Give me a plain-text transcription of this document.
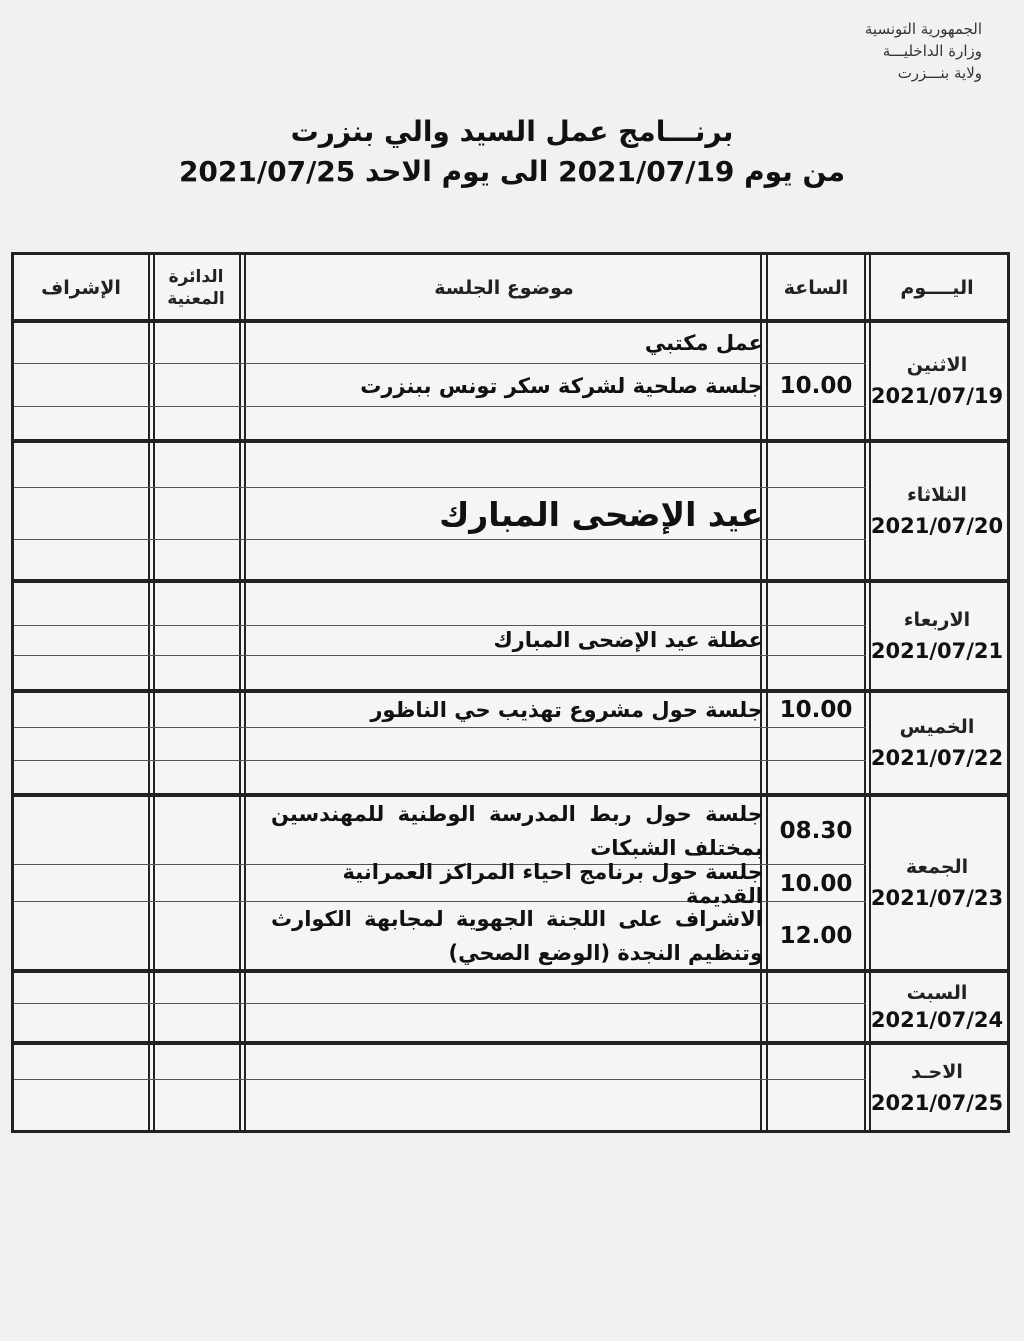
الجمهورية التونسية
وزارة الداخليـــة
ولاية بنـــزرت
برنـــامج عمل السيد والي بنزرت
من يوم 2021/07/19 الى يوم الاحد 2021/07/25
اليــــوم
الساعة
موضوع الجلسة
الدائرة المعنية
الإشراف
الاثنين
2021/07/19
عمل مكتبي
10.00
جلسة صلحية لشركة سكر تونس ببنزرت
الثلاثاء
2021/07/20
عيد الإضحى المبارك
الاربعاء
2021/07/21
عطلة عيد الإضحى المبارك
الخميس
2021/07/22
10.00
جلسة حول مشروع تهذيب حي الناظور
الجمعة
2021/07/23
08.30
جلسة حول ربط المدرسة الوطنية للمهندسين بمختلف الشبكات
10.00
جلسة حول برنامج احياء المراكز العمرانية القديمة
12.00
الاشراف على اللجنة الجهوية لمجابهة الكوارث وتنظيم النجدة (الوضع الصحي)
السبت
2021/07/24
الاحـد
2021/07/25
